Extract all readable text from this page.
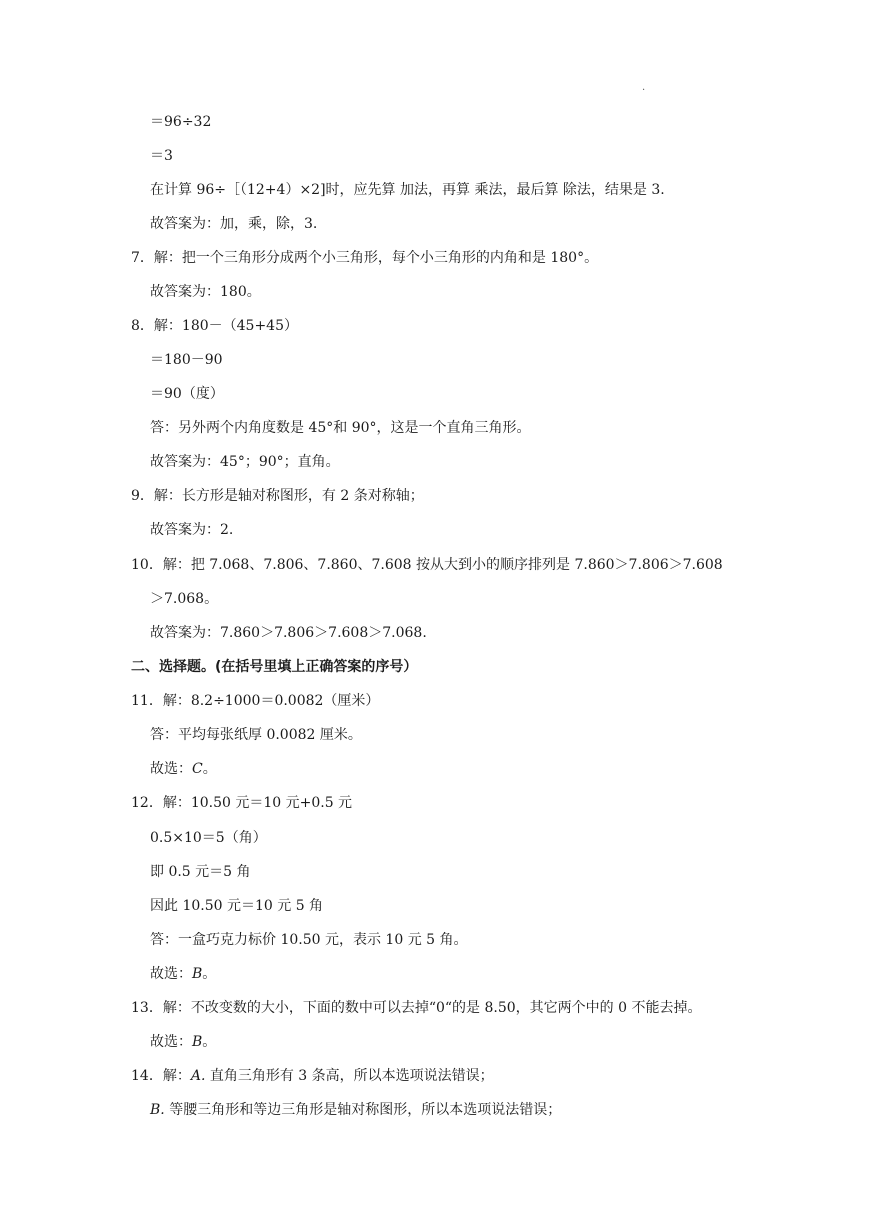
.
＝96÷32
＝3
在计算 96÷［（12+4）×2]时，应先算 加法，再算 乘法，最后算 除法，结果是 3.
故答案为：加，乘，除，3.
7．解：把一个三角形分成两个小三角形，每个小三角形的内角和是 180°。
故答案为：180。
8．解：180－（45+45）
＝180－90
＝90（度）
答：另外两个内角度数是 45°和 90°，这是一个直角三角形。
故答案为：45°；90°；直角。
9．解：长方形是轴对称图形，有 2 条对称轴；
故答案为：2.
10．解：把 7.068、7.806、7.860、7.608 按从大到小的顺序排列是 7.860＞7.806＞7.608
＞7.068。
故答案为：7.860＞7.806＞7.608＞7.068.
二、选择题。(在括号里填上正确答案的序号）
11．解：8.2÷1000＝0.0082（厘米）
答：平均每张纸厚 0.0082 厘米。
故选：C。
12．解：10.50 元＝10 元+0.5 元
0.5×10＝5（角）
即 0.5 元＝5 角
因此 10.50 元＝10 元 5 角
答：一盒巧克力标价 10.50 元，表示 10 元 5 角。
故选：B。
13．解：不改变数的大小，下面的数中可以去掉“0“的是 8.50，其它两个中的 0 不能去掉。
故选：B。
14．解：A. 直角三角形有 3 条高，所以本选项说法错误；
B. 等腰三角形和等边三角形是轴对称图形，所以本选项说法错误；
